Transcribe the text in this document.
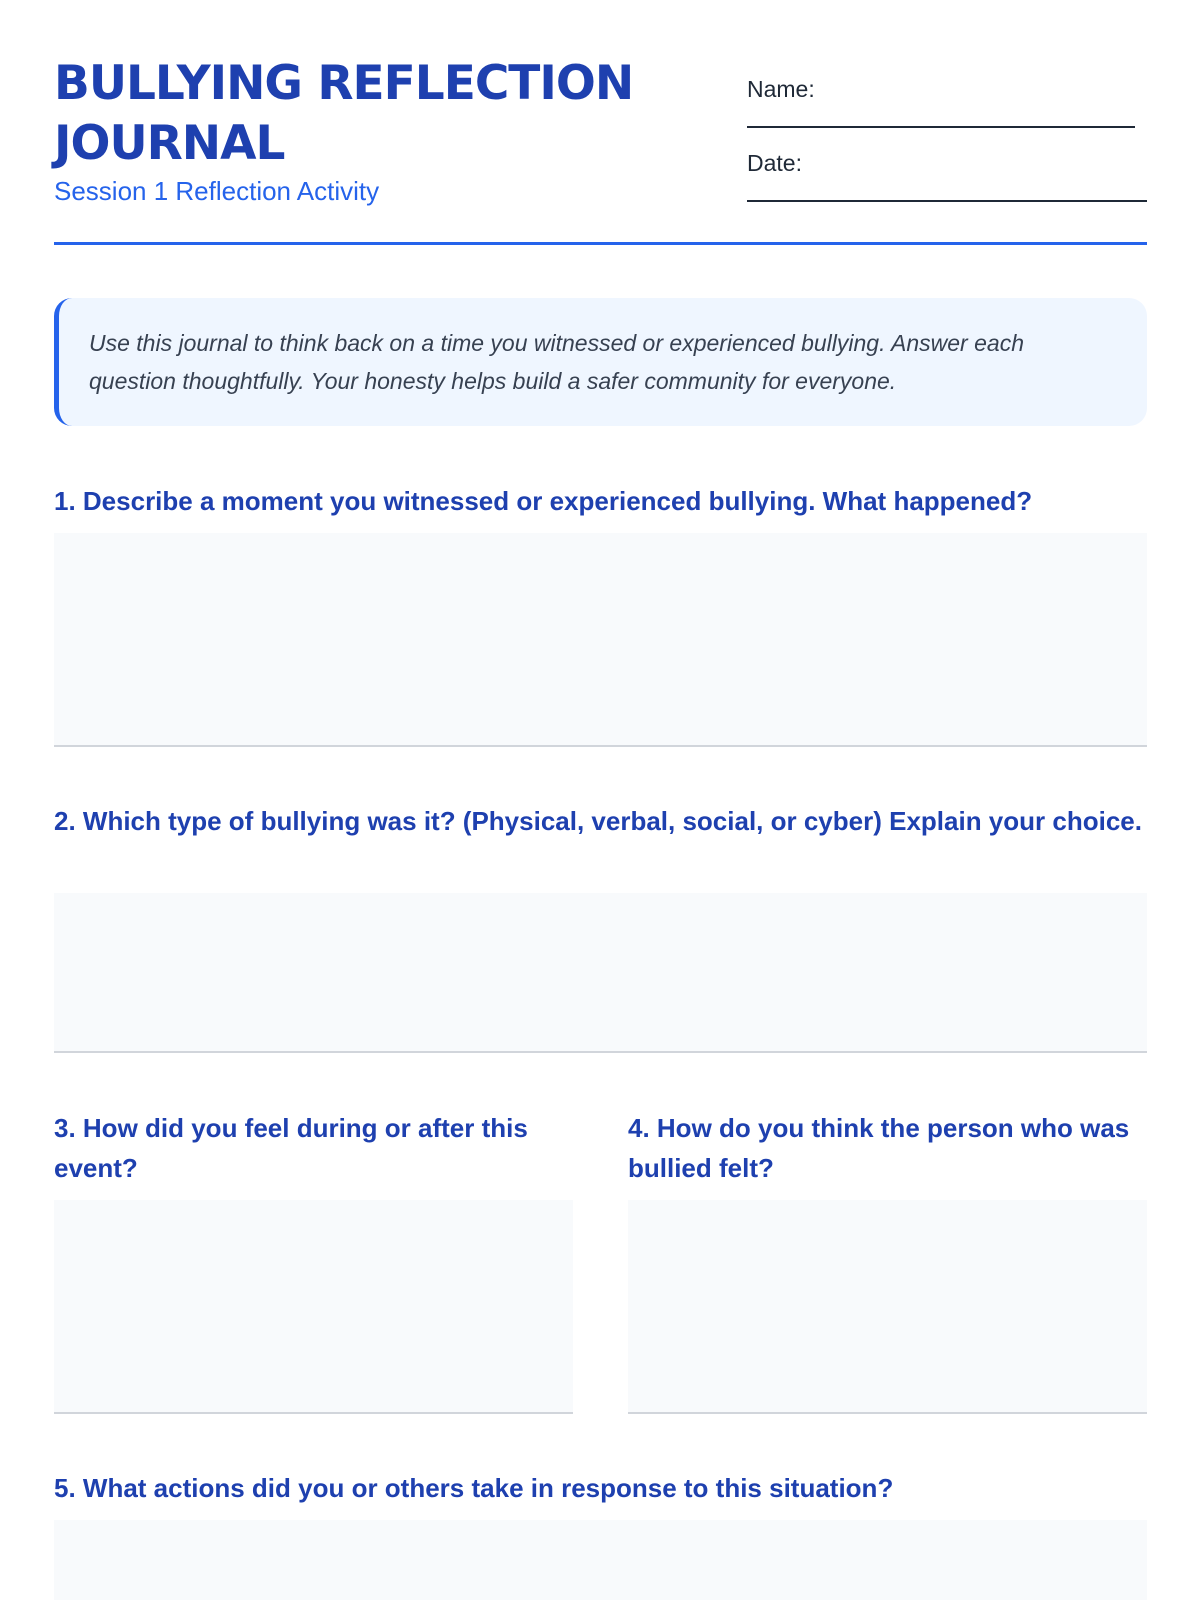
BULLYING REFLECTION JOURNAL
Session 1 Reflection Activity
Name:
Date:

Use this journal to think back on a time you witnessed or experienced bullying. Answer each question thoughtfully. Your honesty helps build a safer community for everyone.

1. Describe a moment you witnessed or experienced bullying. What happened?
2. Which type of bullying was it? (Physical, verbal, social, or cyber) Explain your choice.
3. How did you feel during or after this event?
4. How do you think the person who was bullied felt?
5. What actions did you or others take in response to this situation?
